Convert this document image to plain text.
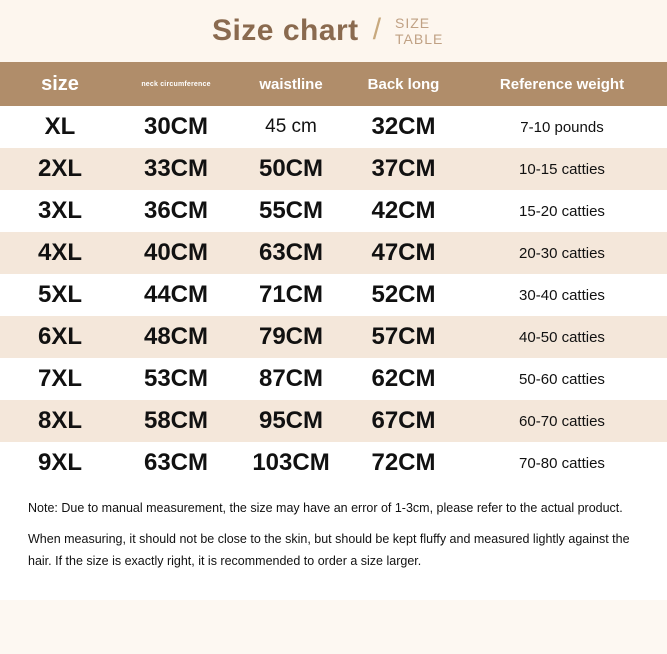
Size chart / SIZE TABLE
size	neck circumference	waistline	Back long	Reference weight
XL	30CM	45 cm	32CM	7-10 pounds
2XL	33CM	50CM	37CM	10-15 catties
3XL	36CM	55CM	42CM	15-20 catties
4XL	40CM	63CM	47CM	20-30 catties
5XL	44CM	71CM	52CM	30-40 catties
6XL	48CM	79CM	57CM	40-50 catties
7XL	53CM	87CM	62CM	50-60 catties
8XL	58CM	95CM	67CM	60-70 catties
9XL	63CM	103CM	72CM	70-80 catties

Note: Due to manual measurement, the size may have an error of 1-3cm, please refer to the actual product.

When measuring, it should not be close to the skin, but should be kept fluffy and measured lightly against the hair. If the size is exactly right, it is recommended to order a size larger.
